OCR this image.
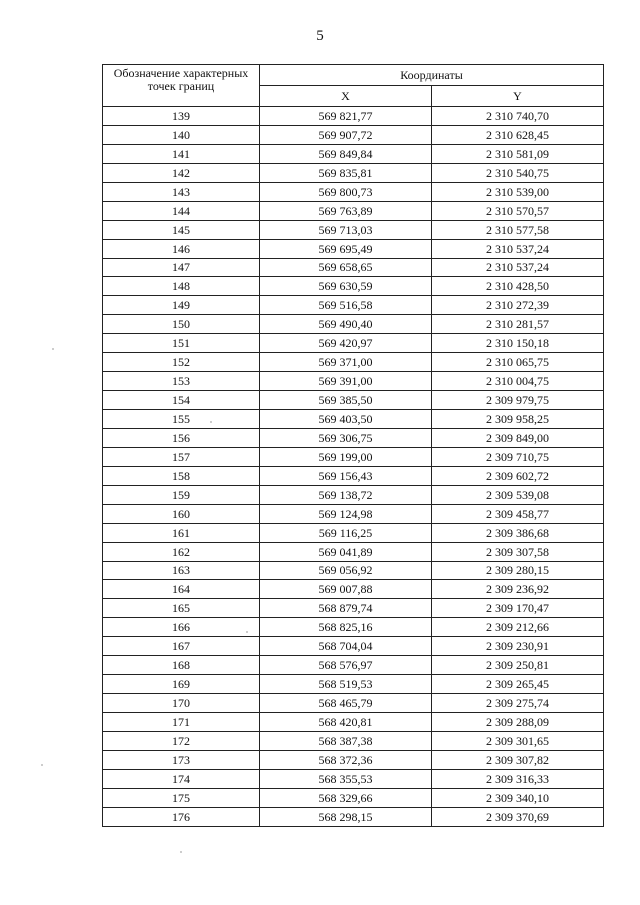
5
Обозначение характерных точек границ	Координаты	
	X	Y
139	569 821,77	2 310 740,70
140	569 907,72	2 310 628,45
141	569 849,84	2 310 581,09
142	569 835,81	2 310 540,75
143	569 800,73	2 310 539,00
144	569 763,89	2 310 570,57
145	569 713,03	2 310 577,58
146	569 695,49	2 310 537,24
147	569 658,65	2 310 537,24
148	569 630,59	2 310 428,50
149	569 516,58	2 310 272,39
150	569 490,40	2 310 281,57
151	569 420,97	2 310 150,18
152	569 371,00	2 310 065,75
153	569 391,00	2 310 004,75
154	569 385,50	2 309 979,75
155	569 403,50	2 309 958,25
156	569 306,75	2 309 849,00
157	569 199,00	2 309 710,75
158	569 156,43	2 309 602,72
159	569 138,72	2 309 539,08
160	569 124,98	2 309 458,77
161	569 116,25	2 309 386,68
162	569 041,89	2 309 307,58
163	569 056,92	2 309 280,15
164	569 007,88	2 309 236,92
165	568 879,74	2 309 170,47
166	568 825,16	2 309 212,66
167	568 704,04	2 309 230,91
168	568 576,97	2 309 250,81
169	568 519,53	2 309 265,45
170	568 465,79	2 309 275,74
171	568 420,81	2 309 288,09
172	568 387,38	2 309 301,65
173	568 372,36	2 309 307,82
174	568 355,53	2 309 316,33
175	568 329,66	2 309 340,10
176	568 298,15	2 309 370,69
